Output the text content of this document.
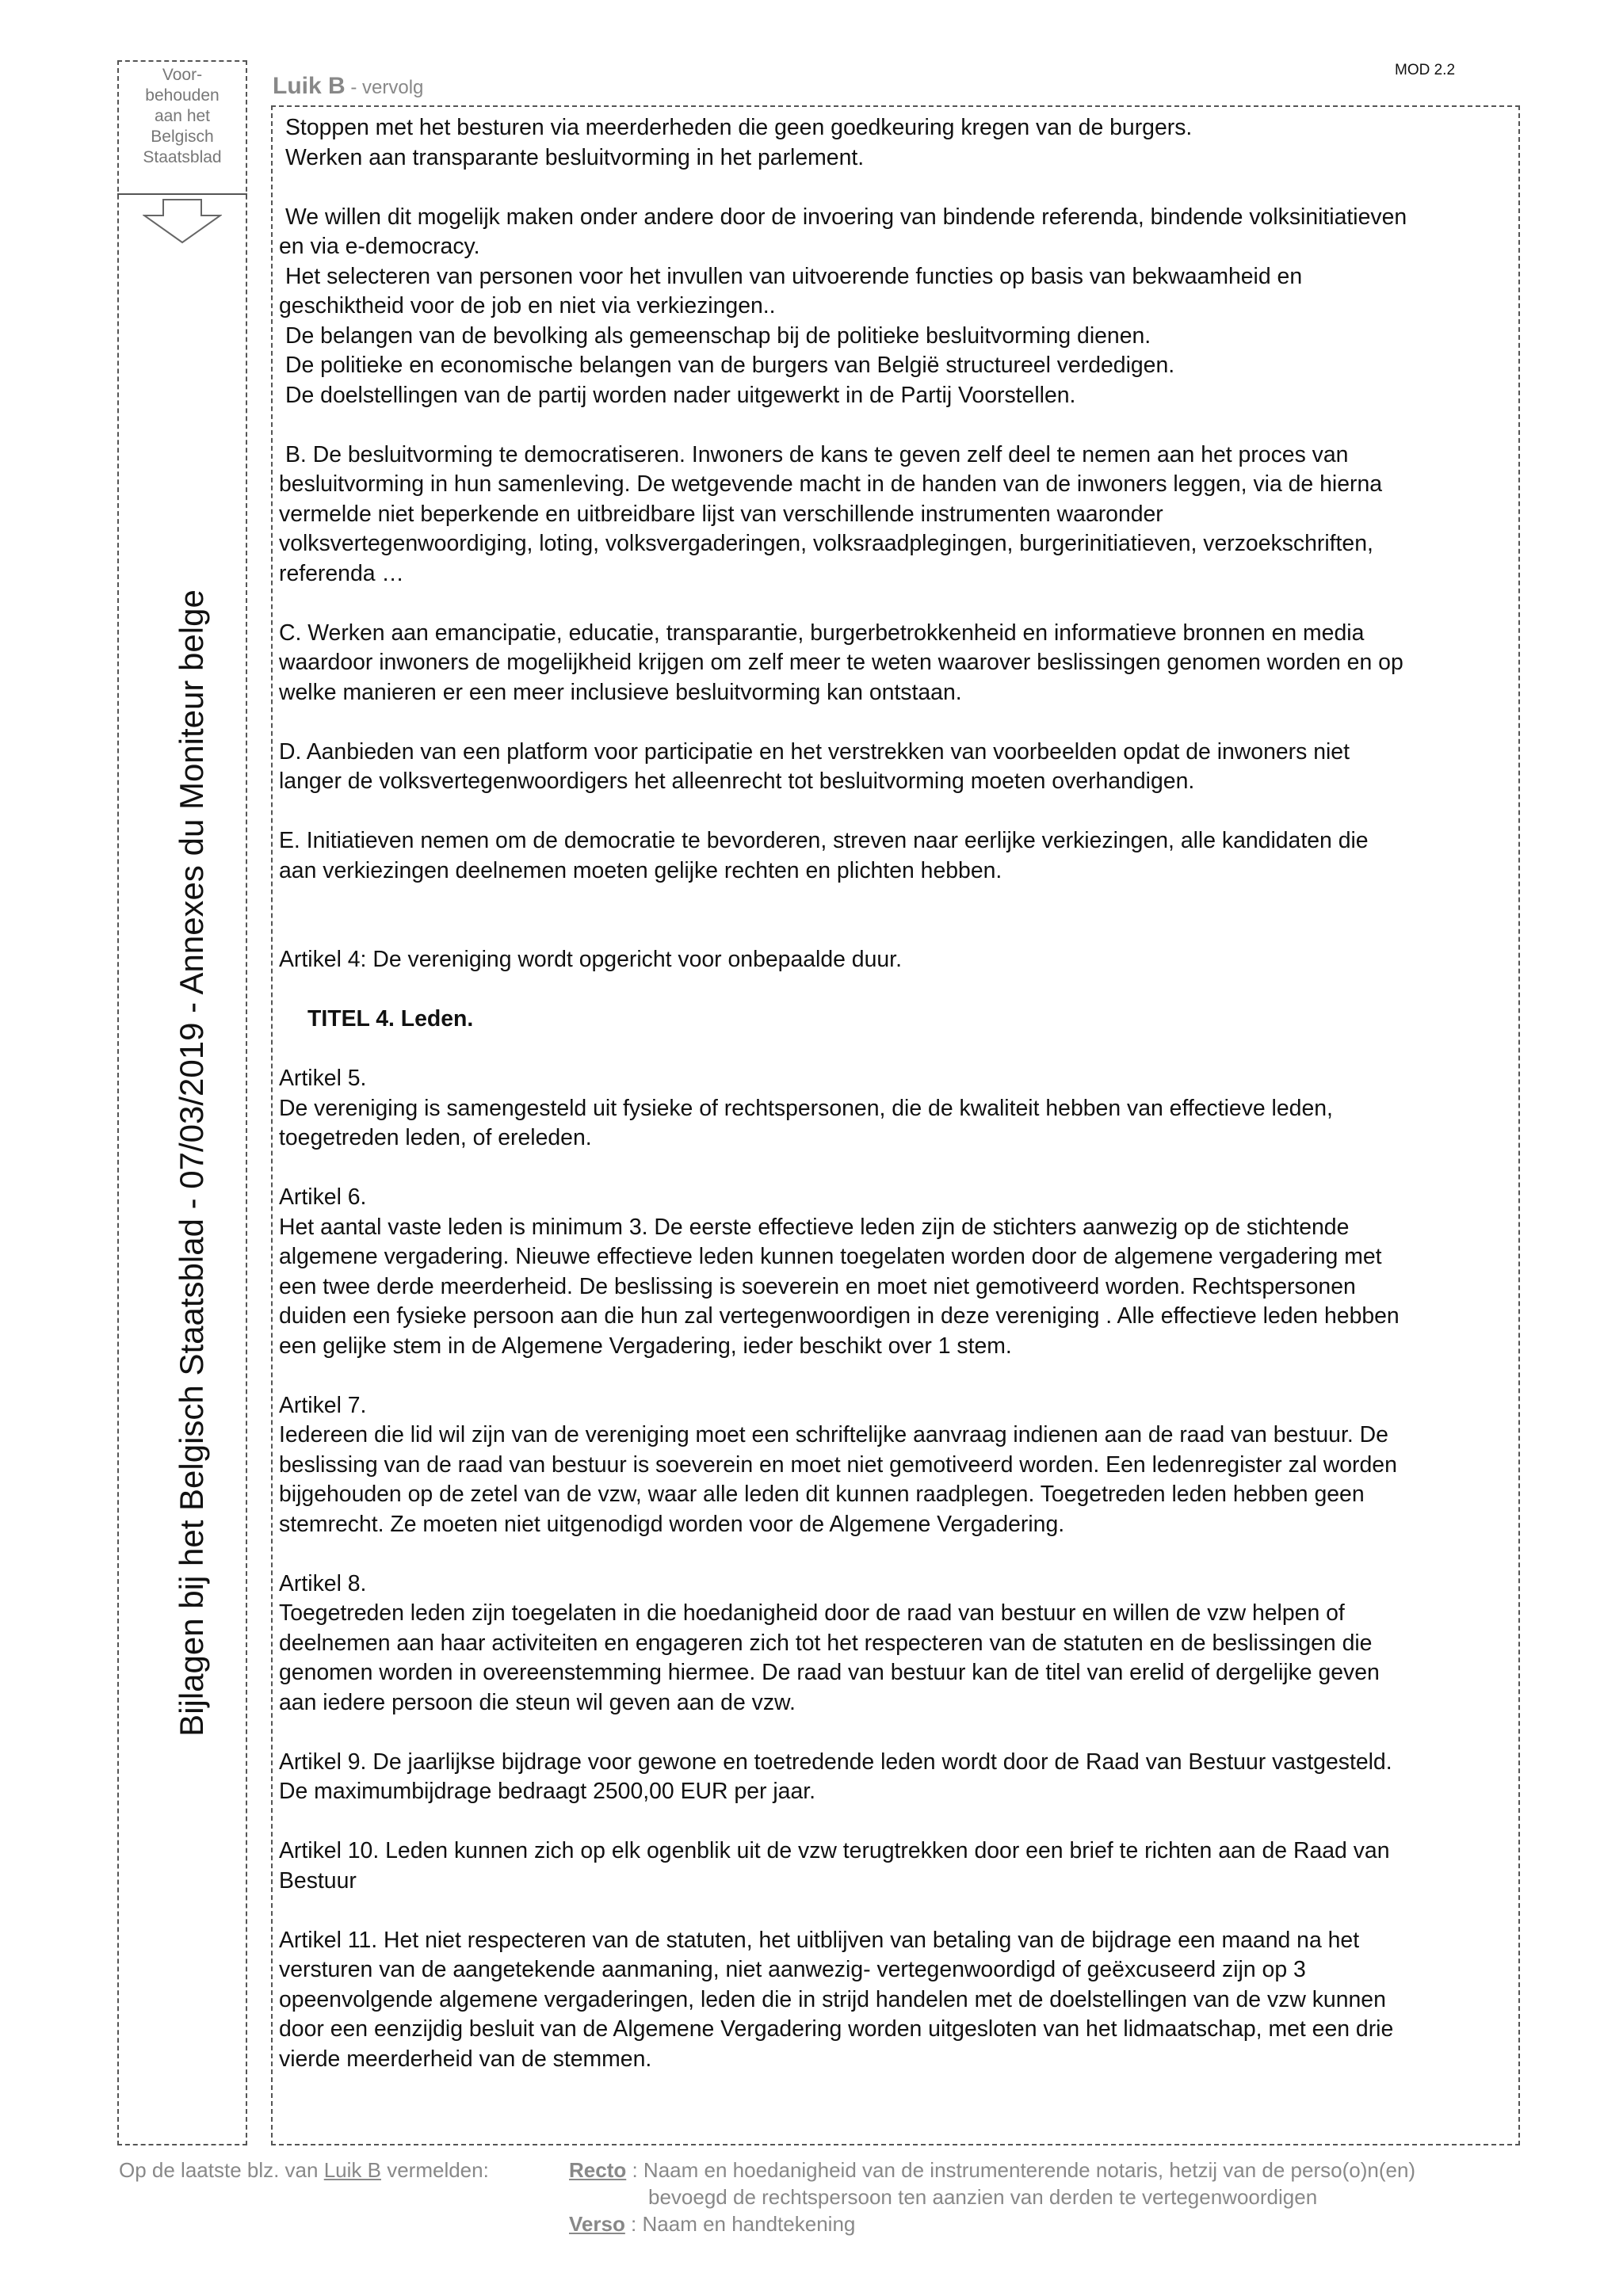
Voor-
behouden
aan het
Belgisch
Staatsblad
Bijlagen bij het Belgisch Staatsblad - 07/03/2019 - Annexes du Moniteur belge
Luik B - vervolg
MOD 2.2

Stoppen met het besturen via meerderheden die geen goedkeuring kregen van de burgers.

Werken aan transparante besluitvorming in het parlement.

We willen dit mogelijk maken onder andere door de invoering van bindende referenda, bindende volksinitiatieven

en via e-democracy.

Het selecteren van personen voor het invullen van uitvoerende functies op basis van bekwaamheid en

geschiktheid voor de job en niet via verkiezingen..

De belangen van de bevolking als gemeenschap bij de politieke besluitvorming dienen.

De politieke en economische belangen van de burgers van België structureel verdedigen.

De doelstellingen van de partij worden nader uitgewerkt in de Partij Voorstellen.

B. De besluitvorming te democratiseren. Inwoners de kans te geven zelf deel te nemen aan het proces van

besluitvorming in hun samenleving. De wetgevende macht in de handen van de inwoners leggen, via de hierna

vermelde niet beperkende en uitbreidbare lijst van verschillende instrumenten waaronder

volksvertegenwoordiging, loting, volksvergaderingen, volksraadplegingen, burgerinitiatieven, verzoekschriften,

referenda …

C. Werken aan emancipatie, educatie, transparantie, burgerbetrokkenheid en informatieve bronnen en media

waardoor inwoners de mogelijkheid krijgen om zelf meer te weten waarover beslissingen genomen worden en op

welke manieren er een meer inclusieve besluitvorming kan ontstaan.

D. Aanbieden van een platform voor participatie en het verstrekken van voorbeelden opdat de inwoners niet

langer de volksvertegenwoordigers het alleenrecht tot besluitvorming moeten overhandigen.

E. Initiatieven nemen om de democratie te bevorderen, streven naar eerlijke verkiezingen, alle kandidaten die

aan verkiezingen deelnemen moeten gelijke rechten en plichten hebben.

Artikel 4: De vereniging wordt opgericht voor onbepaalde duur.

TITEL 4. Leden.

Artikel 5.

De vereniging is samengesteld uit fysieke of rechtspersonen, die de kwaliteit hebben van effectieve leden,

toegetreden leden, of ereleden.

Artikel 6.

Het aantal vaste leden is minimum 3. De eerste effectieve leden zijn de stichters aanwezig op de stichtende

algemene vergadering. Nieuwe effectieve leden kunnen toegelaten worden door de algemene vergadering met

een twee derde meerderheid. De beslissing is soeverein en moet niet gemotiveerd worden. Rechtspersonen

duiden een fysieke persoon aan die hun zal vertegenwoordigen in deze vereniging . Alle effectieve leden hebben

een gelijke stem in de Algemene Vergadering, ieder beschikt over 1 stem.

Artikel 7.

Iedereen die lid wil zijn van de vereniging moet een schriftelijke aanvraag indienen aan de raad van bestuur. De

beslissing van de raad van bestuur is soeverein en moet niet gemotiveerd worden. Een ledenregister zal worden

bijgehouden op de zetel van de vzw, waar alle leden dit kunnen raadplegen. Toegetreden leden hebben geen

stemrecht. Ze moeten niet uitgenodigd worden voor de Algemene Vergadering.

Artikel 8.

Toegetreden leden zijn toegelaten in die hoedanigheid door de raad van bestuur en willen de vzw helpen of

deelnemen aan haar activiteiten en engageren zich tot het respecteren van de statuten en de beslissingen die

genomen worden in overeenstemming hiermee. De raad van bestuur kan de titel van erelid of dergelijke geven

aan iedere persoon die steun wil geven aan de vzw.

Artikel 9. De jaarlijkse bijdrage voor gewone en toetredende leden wordt door de Raad van Bestuur vastgesteld.

De maximumbijdrage bedraagt 2500,00 EUR per jaar.

Artikel 10. Leden kunnen zich op elk ogenblik uit de vzw terugtrekken door een brief te richten aan de Raad van

Bestuur

Artikel 11. Het niet respecteren van de statuten, het uitblijven van betaling van de bijdrage een maand na het

versturen van de aangetekende aanmaning, niet aanwezig- vertegenwoordigd of geëxcuseerd zijn op 3

opeenvolgende algemene vergaderingen, leden die in strijd handelen met de doelstellingen van de vzw kunnen

door een eenzijdig besluit van de Algemene Vergadering worden uitgesloten van het lidmaatschap, met een drie

vierde meerderheid van de stemmen.

Op de laatste blz. van Luik B vermelden:	Recto : Naam en hoedanigheid van de instrumenterende notaris, hetzij van de perso(o)n(en)
bevoegd de rechtspersoon ten aanzien van derden te vertegenwoordigen
Verso : Naam en handtekening
